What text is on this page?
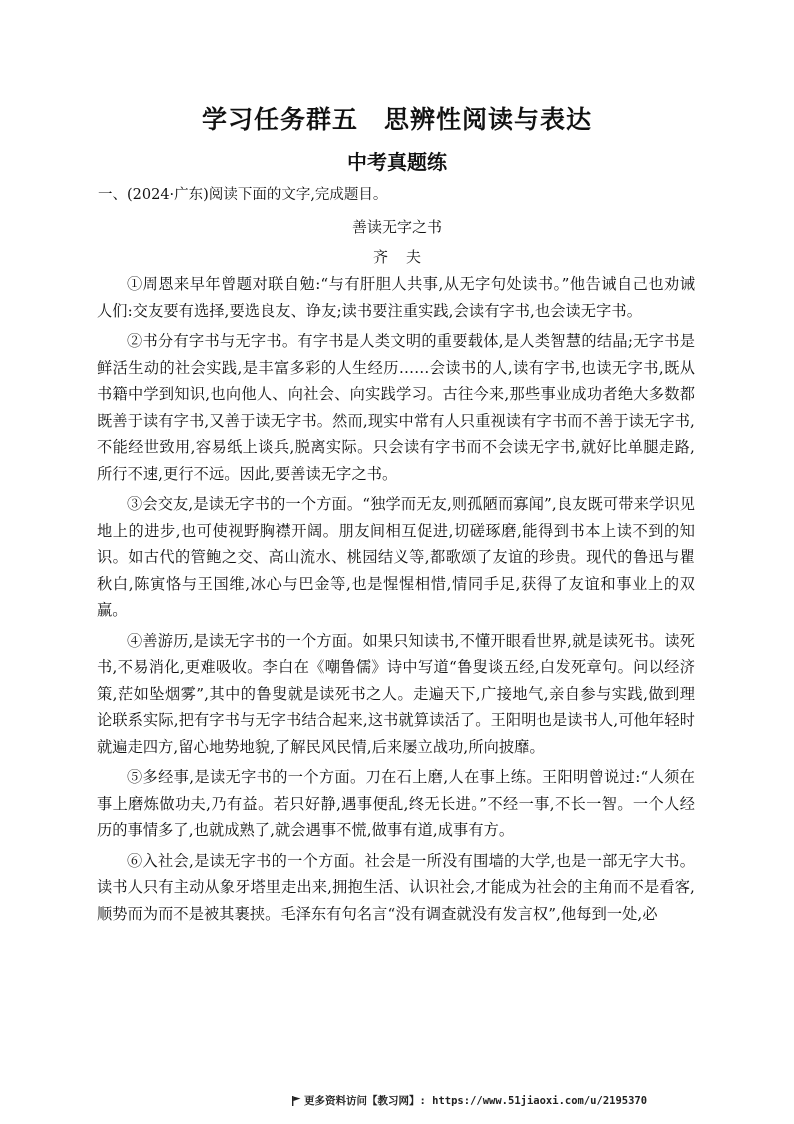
学习任务群五　思辨性阅读与表达
中考真题练
一、(2024·广东)阅读下面的文字,完成题目。
善读无字之书
齐夫

①周恩来早年曾题对联自勉:“与有肝胆人共事,从无字句处读书。”他告诫自己也劝诫人们:交友要有选择,要选良友、诤友;读书要注重实践,会读有字书,也会读无字书。

②书分有字书与无字书。有字书是人类文明的重要载体,是人类智慧的结晶;无字书是鲜活生动的社会实践,是丰富多彩的人生经历……会读书的人,读有字书,也读无字书,既从书籍中学到知识,也向他人、向社会、向实践学习。古往今来,那些事业成功者绝大多数都既善于读有字书,又善于读无字书。然而,现实中常有人只重视读有字书而不善于读无字书,不能经世致用,容易纸上谈兵,脱离实际。只会读有字书而不会读无字书,就好比单腿走路,所行不速,更行不远。因此,要善读无字之书。

③会交友,是读无字书的一个方面。“独学而无友,则孤陋而寡闻”,良友既可带来学识见地上的进步,也可使视野胸襟开阔。朋友间相互促进,切磋琢磨,能得到书本上读不到的知识。如古代的管鲍之交、高山流水、桃园结义等,都歌颂了友谊的珍贵。现代的鲁迅与瞿秋白,陈寅恪与王国维,冰心与巴金等,也是惺惺相惜,情同手足,获得了友谊和事业上的双赢。

④善游历,是读无字书的一个方面。如果只知读书,不懂开眼看世界,就是读死书。读死书,不易消化,更难吸收。李白在《嘲鲁儒》诗中写道“鲁叟谈五经,白发死章句。问以经济策,茫如坠烟雾”,其中的鲁叟就是读死书之人。走遍天下,广接地气,亲自参与实践,做到理论联系实际,把有字书与无字书结合起来,这书就算读活了。王阳明也是读书人,可他年轻时就遍走四方,留心地势地貌,了解民风民情,后来屡立战功,所向披靡。

⑤多经事,是读无字书的一个方面。刀在石上磨,人在事上练。王阳明曾说过:“人须在事上磨炼做功夫,乃有益。若只好静,遇事便乱,终无长进。”不经一事,不长一智。一个人经历的事情多了,也就成熟了,就会遇事不慌,做事有道,成事有方。

⑥入社会,是读无字书的一个方面。社会是一所没有围墙的大学,也是一部无字大书。读书人只有主动从象牙塔里走出来,拥抱生活、认识社会,才能成为社会的主角而不是看客,顺势而为而不是被其裹挟。毛泽东有句名言“没有调查就没有发言权”,他每到一处,必

更多资料访问【教习网】: https://www.51jiaoxi.com/u/2195370
